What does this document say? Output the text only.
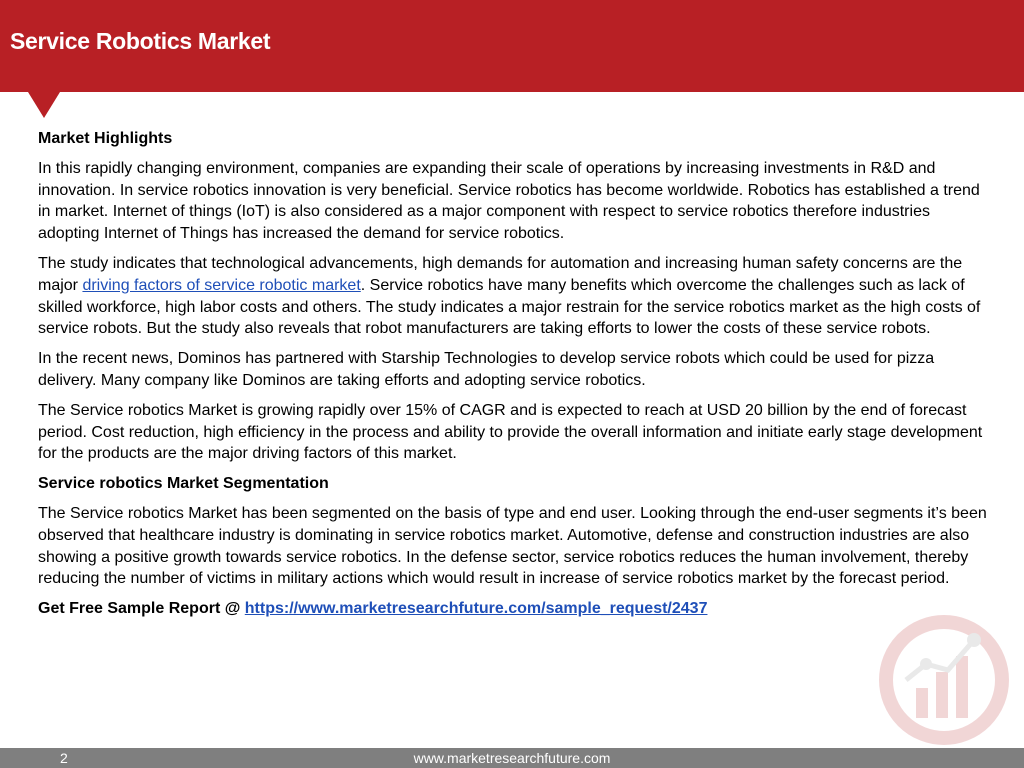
Service Robotics Market

Market Highlights

In this rapidly changing environment, companies are expanding their scale of operations by increasing investments in R&D and innovation. In service robotics innovation is very beneficial. Service robotics has become worldwide. Robotics has established a trend in market. Internet of things (IoT) is also considered as a major component with respect to service robotics therefore industries adopting Internet of Things has increased the demand for service robotics.

The study indicates that technological advancements, high demands for automation and increasing human safety concerns are the major driving factors of service robotic market. Service robotics have many benefits which overcome the challenges such as lack of skilled workforce, high labor costs and others. The study indicates a major restrain for the service robotics market as the high costs of service robots. But the study also reveals that robot manufacturers are taking efforts to lower the costs of these service robots.

In the recent news, Dominos has partnered with Starship Technologies to develop service robots which could be used for pizza delivery. Many company like Dominos are taking efforts and adopting service robotics.

The Service robotics Market is growing rapidly over 15% of CAGR and is expected to reach at USD 20 billion by the end of forecast period. Cost reduction, high efficiency in the process and ability to provide the overall information and initiate early stage development for the products are the major driving factors of this market.

Service robotics Market Segmentation

The Service robotics Market has been segmented on the basis of type and end user. Looking through the end-user segments it’s been observed that healthcare industry is dominating in service robotics market. Automotive, defense and construction industries are also showing a positive growth towards service robotics. In the defense sector, service robotics reduces the human involvement, thereby reducing the number of victims in military actions which would result in increase of service robotics market by the forecast period.

Get Free Sample Report @ https://www.marketresearchfuture.com/sample_request/2437

2	www.marketresearchfuture.com
